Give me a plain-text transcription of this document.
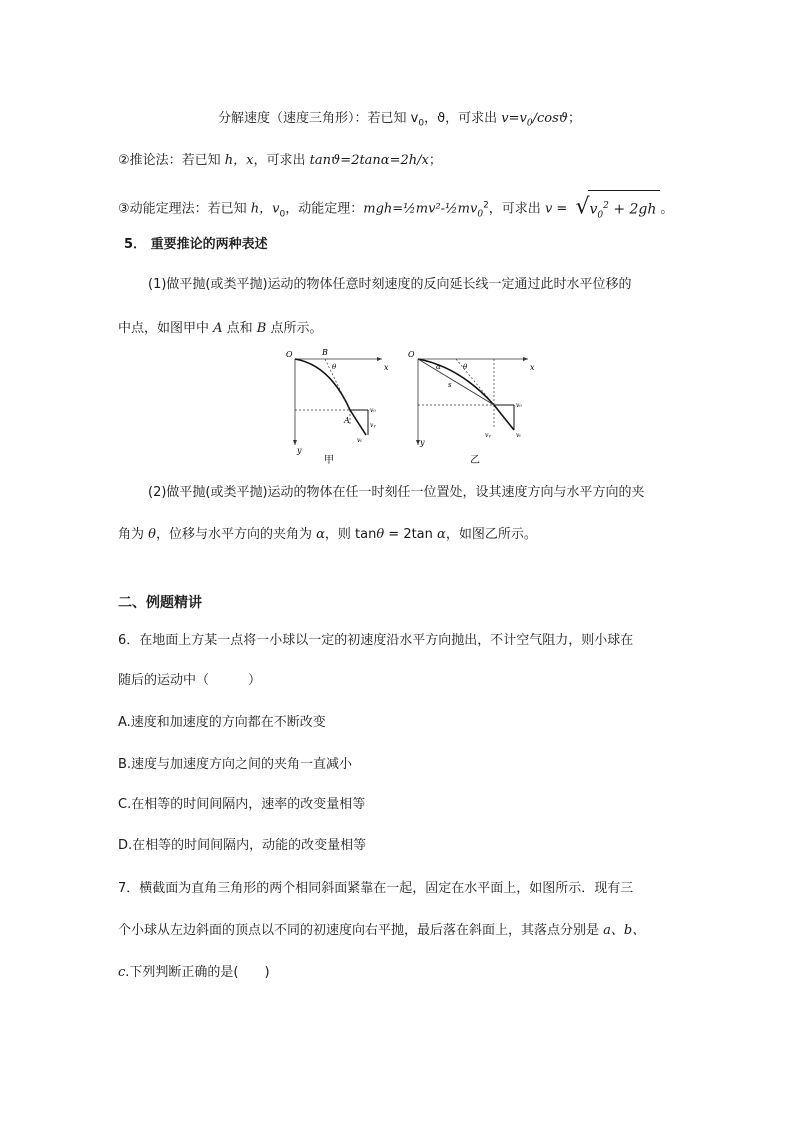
分解速度（速度三角形）：若已知 $v_0$，ϑ，可求出 $v=v_0$/cosϑ；
②推论法：若已知 h，x，可求出 tanϑ=2tanα=2h/x；
③动能定理法：若已知 h，$v_0$，动能定理：$mgh=\frac{1}{2}mv^2-\frac{1}{2}mv_0^2$，可求出 $v = √v_0^2 + 2gh$ 。
5． 重要推论的两种表述
(1)做平抛(或类平抛)运动的物体任意时刻速度的反向延长线一定通过此时水平位移的
中点，如图甲中 A 点和 B 点所示。
O	B
θ	x
A
v₀
vᵧ
vₜ
y
甲
O
α	θ
s
x
v₀
vᵧ	vₜ
y
乙
(2)做平抛(或类平抛)运动的物体在任一时刻任一位置处，设其速度方向与水平方向的夹
角为 θ，位移与水平方向的夹角为 α，则 tanθ = 2tan α，如图乙所示。
二、例题精讲
6．在地面上方某一点将一小球以一定的初速度沿水平方向抛出，不计空气阻力，则小球在
随后的运动中（　　　）
A.速度和加速度的方向都在不断改变
B.速度与加速度方向之间的夹角一直减小
C.在相等的时间间隔内，速率的改变量相等
D.在相等的时间间隔内，动能的改变量相等
7．横截面为直角三角形的两个相同斜面紧靠在一起，固定在水平面上，如图所示．现有三
个小球从左边斜面的顶点以不同的初速度向右平抛，最后落在斜面上，其落点分别是 a、b、
c.下列判断正确的是(　　)
